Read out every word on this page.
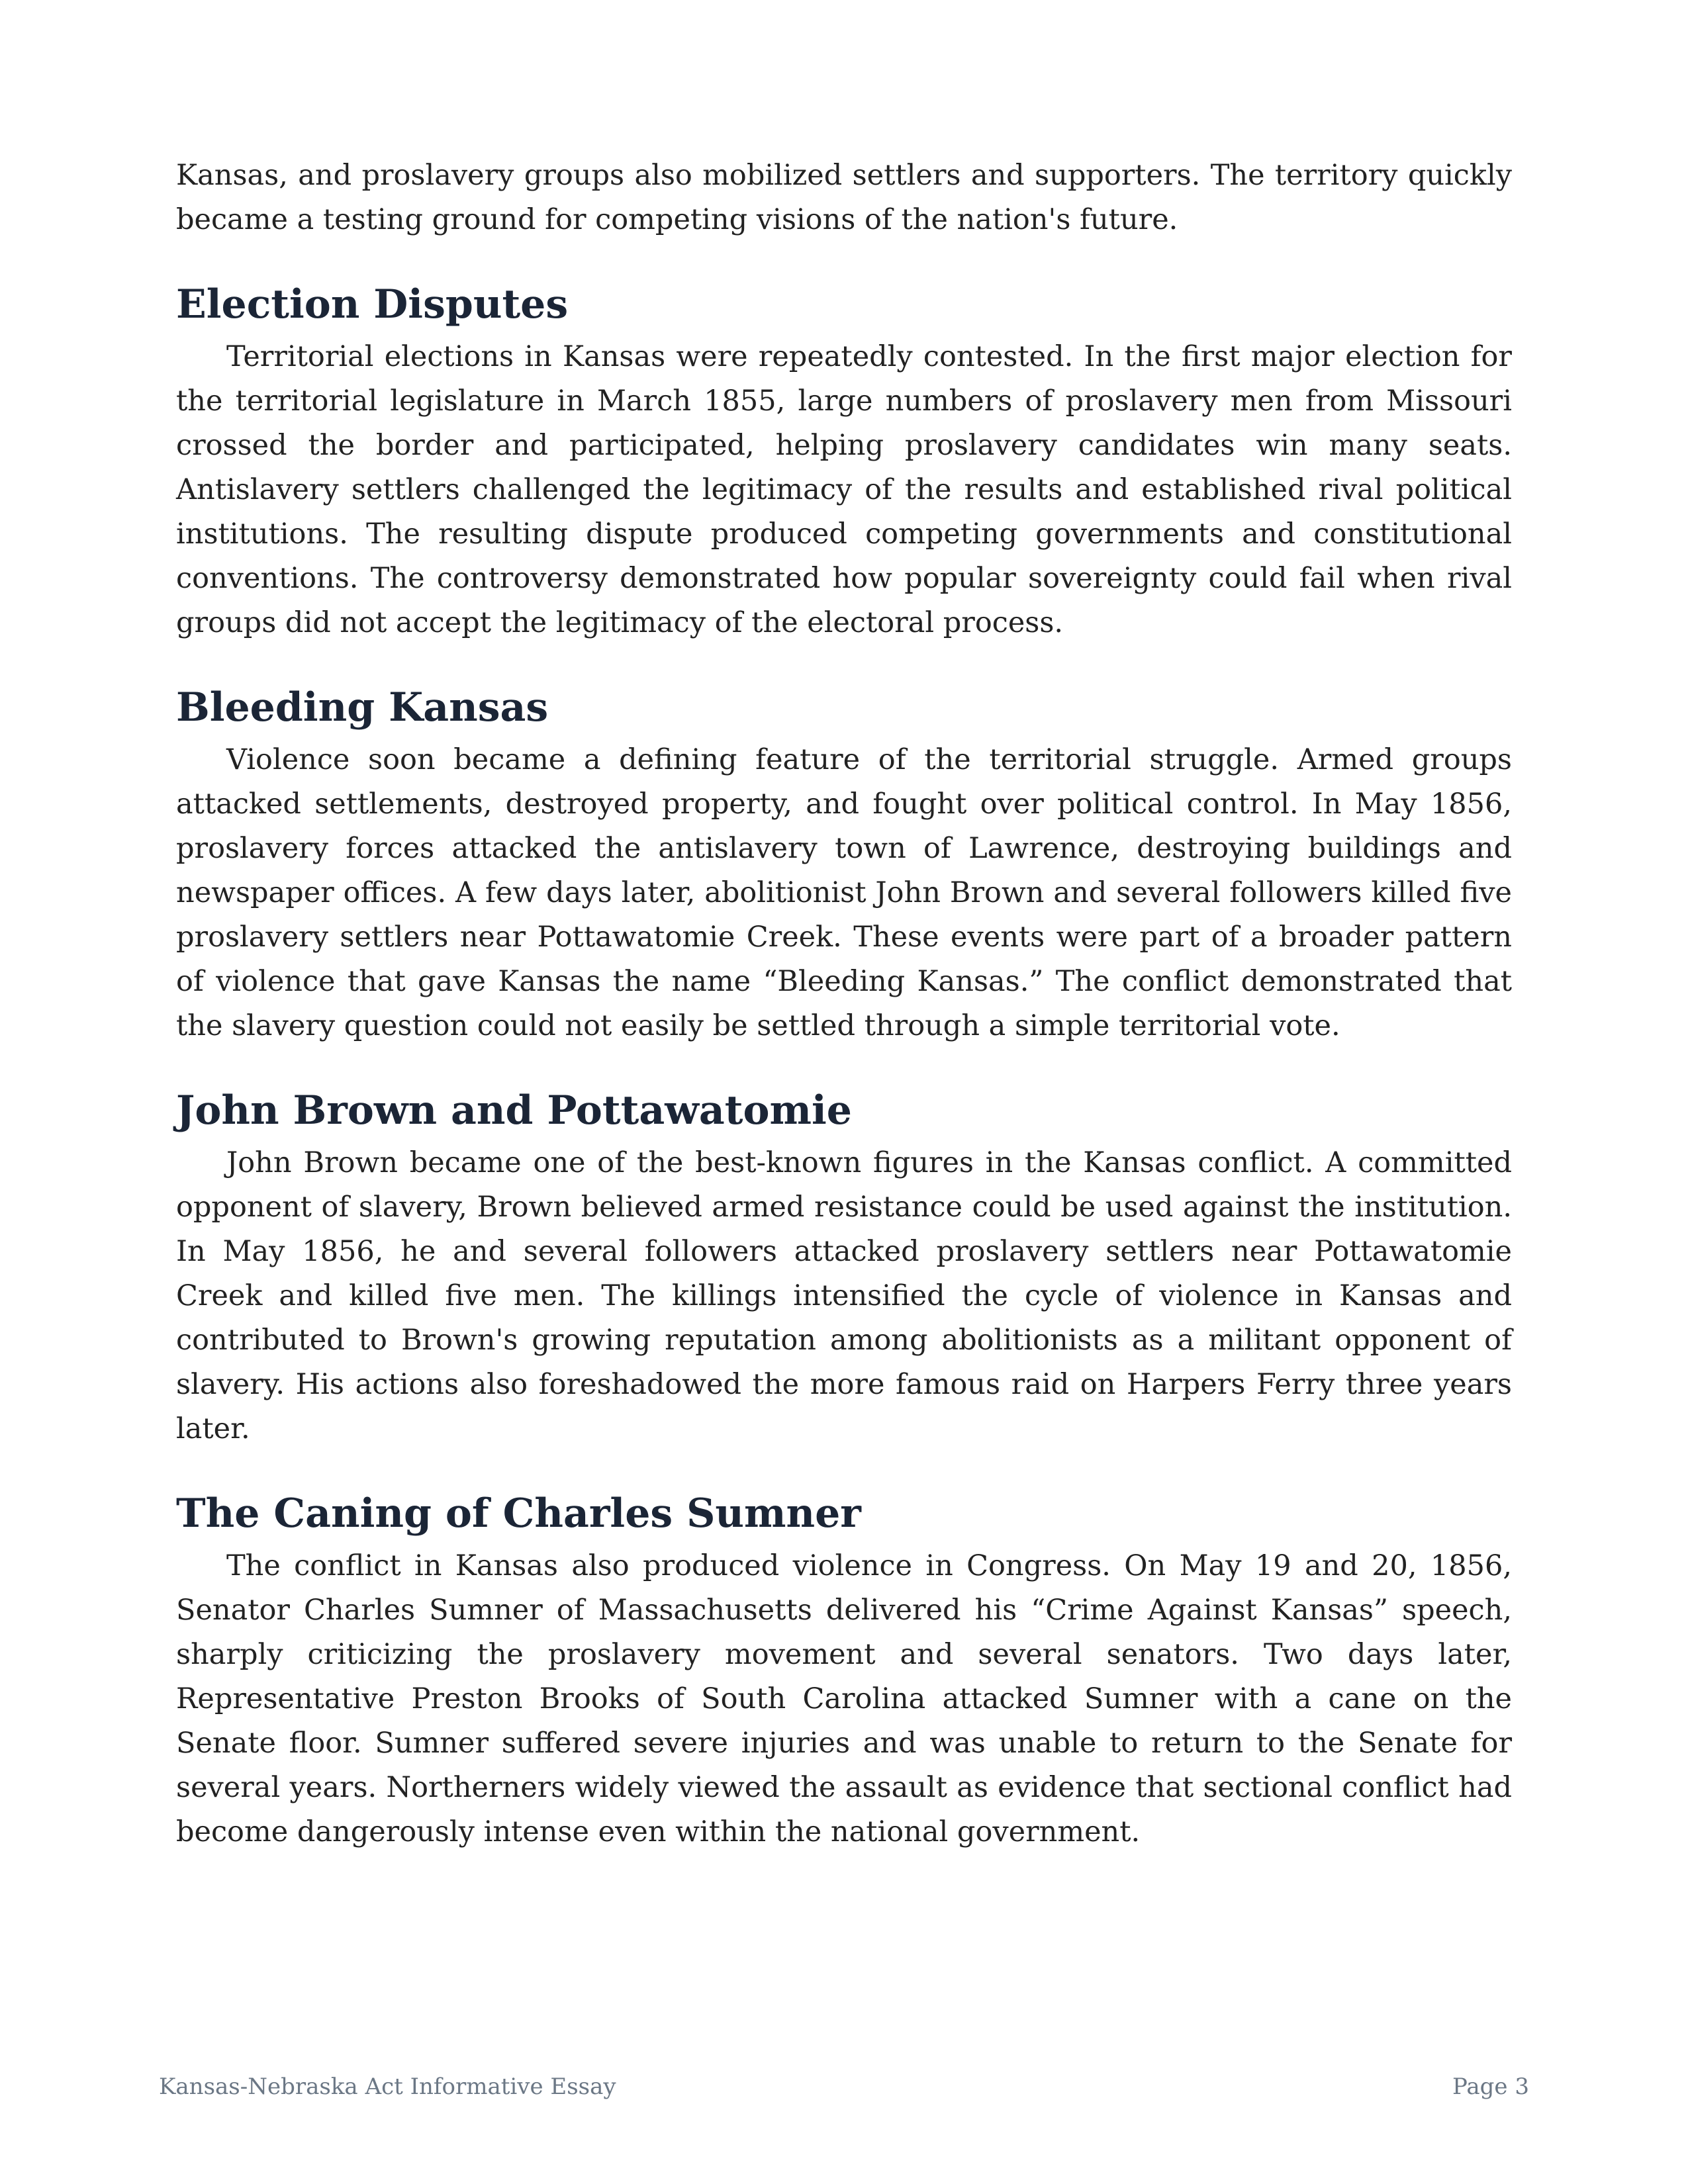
Kansas, and proslavery groups also mobilized settlers and supporters. The territory quickly became a testing ground for competing visions of the nation's future.

Election Disputes

Territorial elections in Kansas were repeatedly contested. In the first major election for the territorial legislature in March 1855, large numbers of proslavery men from Missouri crossed the border and participated, helping proslavery candidates win many seats. Antislavery settlers challenged the legitimacy of the results and established rival political institutions. The resulting dispute produced competing governments and constitutional conventions. The controversy demonstrated how popular sovereignty could fail when rival groups did not accept the legitimacy of the electoral process.

Bleeding Kansas

Violence soon became a defining feature of the territorial struggle. Armed groups attacked settlements, destroyed property, and fought over political control. In May 1856, proslavery forces attacked the antislavery town of Lawrence, destroying buildings and newspaper offices. A few days later, abolitionist John Brown and several followers killed five proslavery settlers near Pottawatomie Creek. These events were part of a broader pattern of violence that gave Kansas the name “Bleeding Kansas.” The conflict demonstrated that the slavery question could not easily be settled through a simple territorial vote.

John Brown and Pottawatomie

John Brown became one of the best-known figures in the Kansas conflict. A committed opponent of slavery, Brown believed armed resistance could be used against the institution. In May 1856, he and several followers attacked proslavery settlers near Pottawatomie Creek and killed five men. The killings intensified the cycle of violence in Kansas and contributed to Brown's growing reputation among abolitionists as a militant opponent of slavery. His actions also foreshadowed the more famous raid on Harpers Ferry three years later.

The Caning of Charles Sumner

The conflict in Kansas also produced violence in Congress. On May 19 and 20, 1856, Senator Charles Sumner of Massachusetts delivered his “Crime Against Kansas” speech, sharply criticizing the proslavery movement and several senators. Two days later, Representative Preston Brooks of South Carolina attacked Sumner with a cane on the Senate floor. Sumner suffered severe injuries and was unable to return to the Senate for several years. Northerners widely viewed the assault as evidence that sectional conflict had become dangerously intense even within the national government.

Kansas-Nebraska Act Informative Essay	Page 3
